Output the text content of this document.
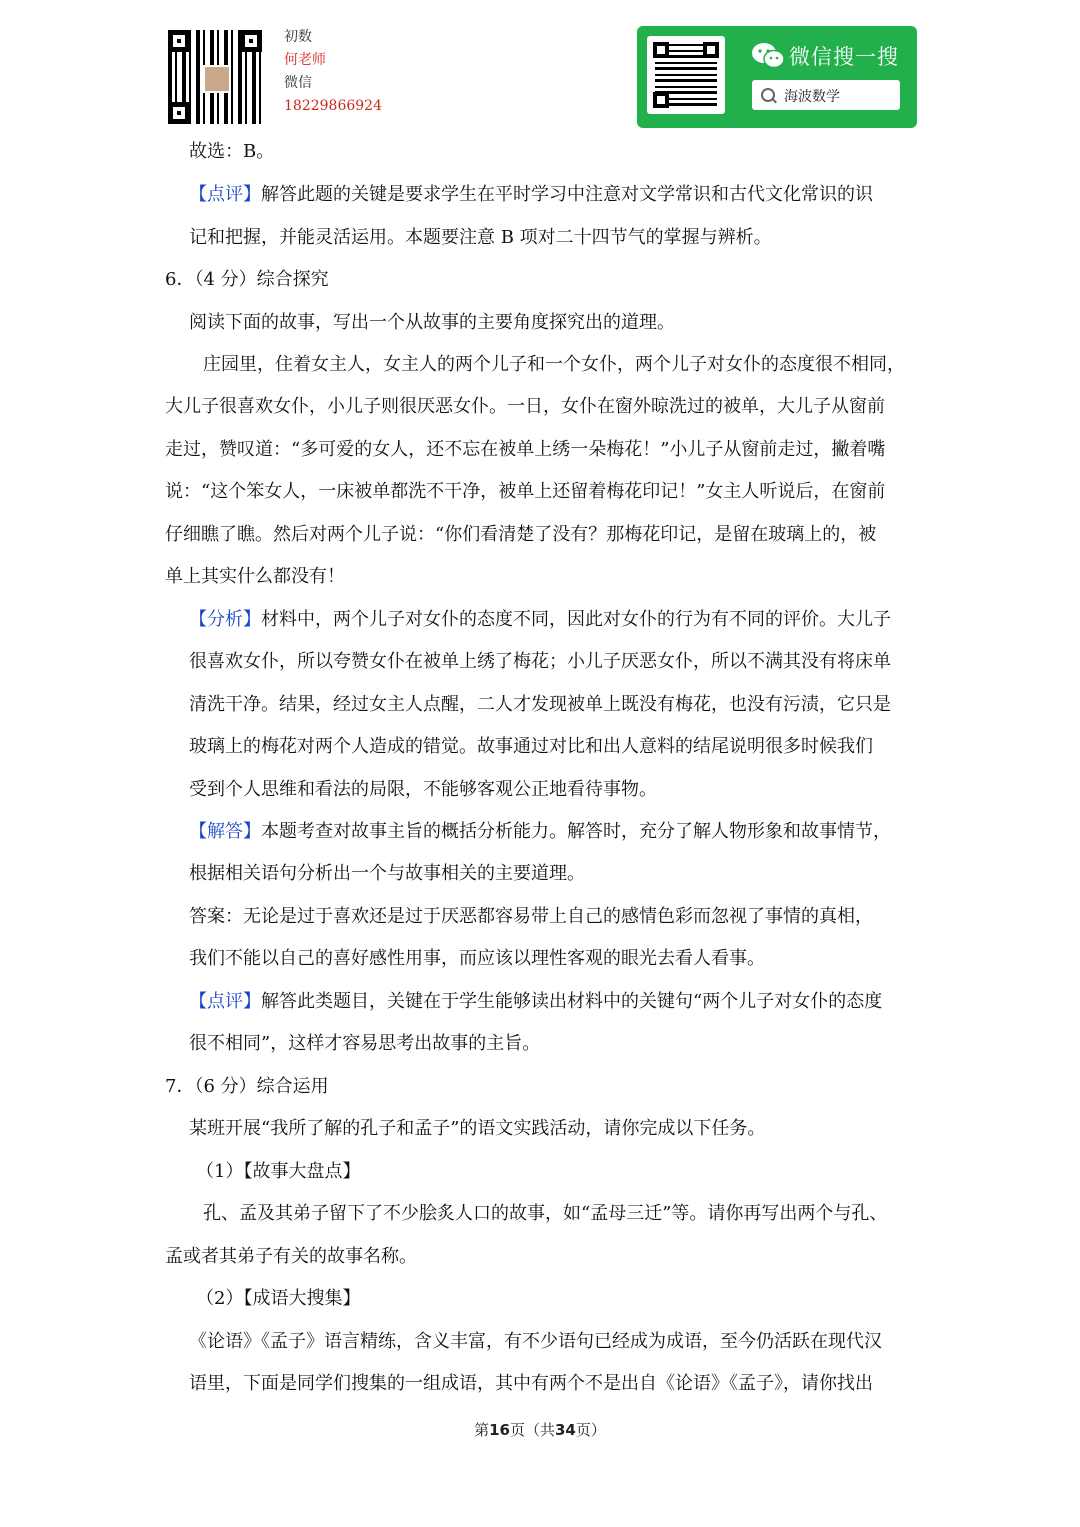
初数
何老师
微信
18229866924
微信搜一搜
海波数学
故选：B。
【点评】解答此题的关键是要求学生在平时学习中注意对文学常识和古代文化常识的识
记和把握，并能灵活运用。本题要注意 B 项对二十四节气的掌握与辨析。
6．（4 分）综合探究
阅读下面的故事，写出一个从故事的主要角度探究出的道理。
庄园里，住着女主人，女主人的两个儿子和一个女仆，两个儿子对女仆的态度很不相同，
大儿子很喜欢女仆，小儿子则很厌恶女仆。一日，女仆在窗外晾洗过的被单，大儿子从窗前
走过，赞叹道：“多可爱的女人，还不忘在被单上绣一朵梅花！”小儿子从窗前走过，撇着嘴
说：“这个笨女人，一床被单都洗不干净，被单上还留着梅花印记！”女主人听说后，在窗前
仔细瞧了瞧。然后对两个儿子说：“你们看清楚了没有？那梅花印记，是留在玻璃上的，被
单上其实什么都没有！
【分析】材料中，两个儿子对女仆的态度不同，因此对女仆的行为有不同的评价。大儿子
很喜欢女仆，所以夸赞女仆在被单上绣了梅花；小儿子厌恶女仆，所以不满其没有将床单
清洗干净。结果，经过女主人点醒，二人才发现被单上既没有梅花，也没有污渍，它只是
玻璃上的梅花对两个人造成的错觉。故事通过对比和出人意料的结尾说明很多时候我们
受到个人思维和看法的局限，不能够客观公正地看待事物。
【解答】本题考查对故事主旨的概括分析能力。解答时，充分了解人物形象和故事情节，
根据相关语句分析出一个与故事相关的主要道理。
答案：无论是过于喜欢还是过于厌恶都容易带上自己的感情色彩而忽视了事情的真相，
我们不能以自己的喜好感性用事，而应该以理性客观的眼光去看人看事。
【点评】解答此类题目，关键在于学生能够读出材料中的关键句“两个儿子对女仆的态度
很不相同”，这样才容易思考出故事的主旨。
7．（6 分）综合运用
某班开展“我所了解的孔子和孟子”的语文实践活动，请你完成以下任务。
（1）【故事大盘点】
孔、孟及其弟子留下了不少脍炙人口的故事，如“孟母三迁”等。请你再写出两个与孔、
孟或者其弟子有关的故事名称。
（2）【成语大搜集】
《论语》《孟子》语言精练，含义丰富，有不少语句已经成为成语，至今仍活跃在现代汉
语里，下面是同学们搜集的一组成语，其中有两个不是出自《论语》《孟子》，请你找出
第16页（共34页）
